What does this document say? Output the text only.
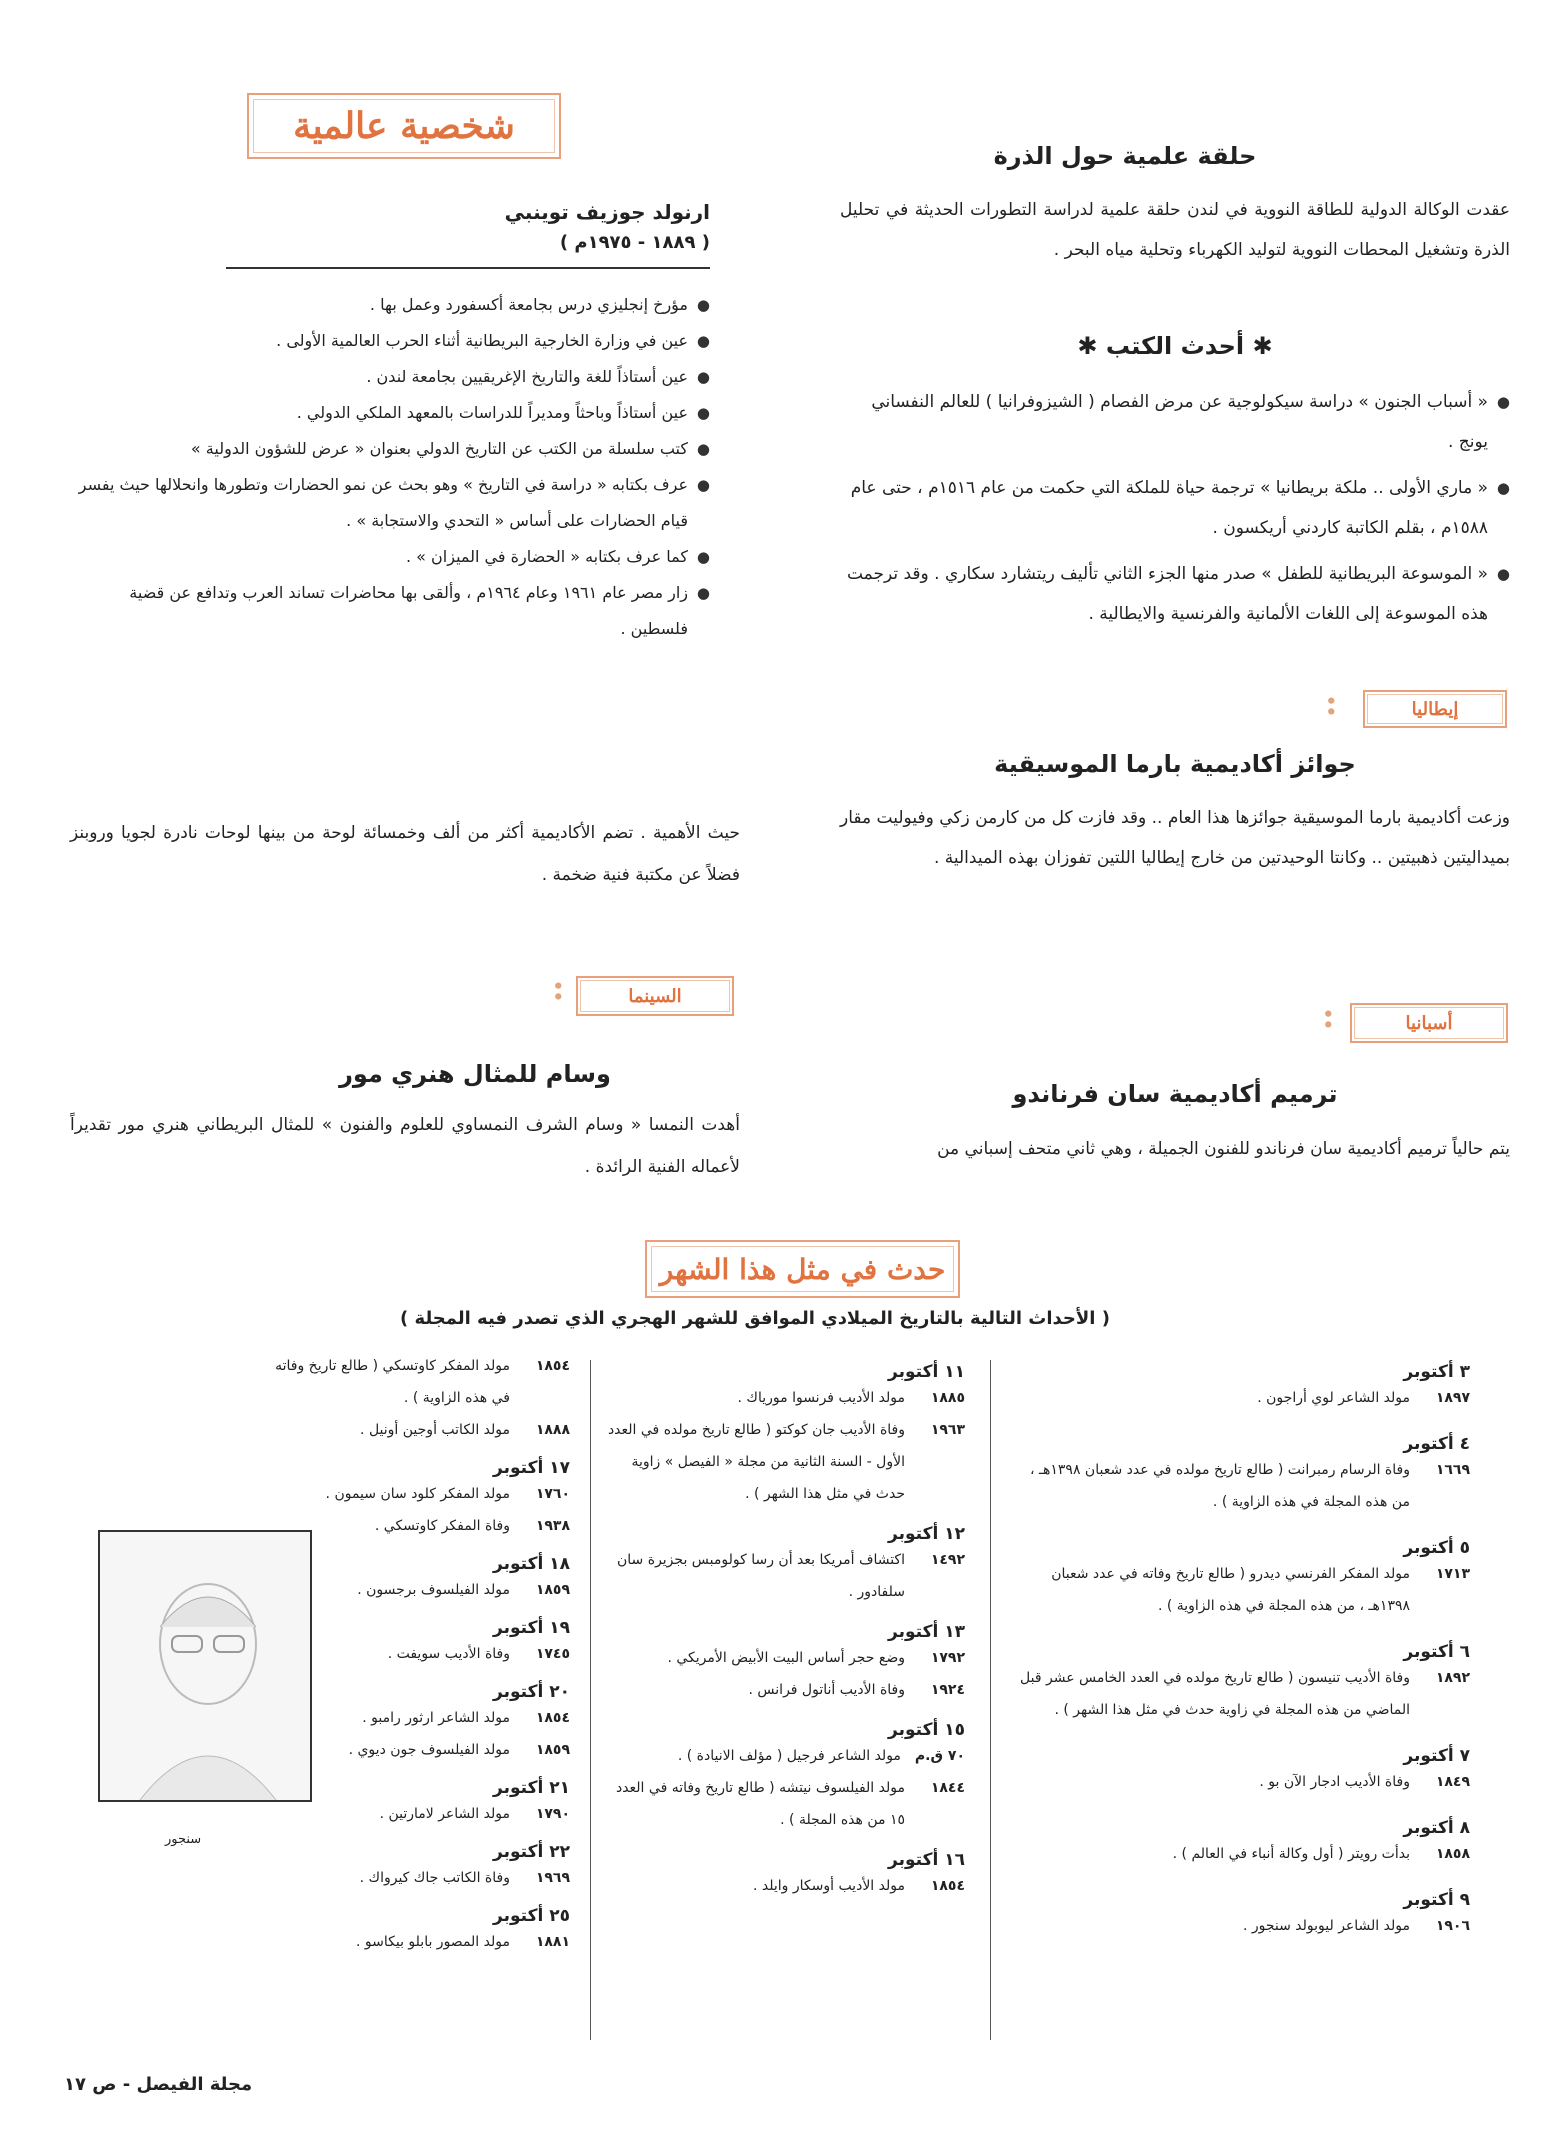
شخصية عالمية
ارنولد جوزيف توينبي
( ١٨٨٩ - ١٩٧٥م )
● مؤرخ إنجليزي درس بجامعة أكسفورد وعمل بها .
● عين في وزارة الخارجية البريطانية أثناء الحرب العالمية الأولى .
● عين أستاذاً للغة والتاريخ الإغريقيين بجامعة لندن .
● عين أستاذاً وباحثاً ومديراً للدراسات بالمعهد الملكي الدولي .
● كتب سلسلة من الكتب عن التاريخ الدولي بعنوان « عرض للشؤون الدولية »
● عرف بكتابه « دراسة في التاريخ » وهو بحث عن نمو الحضارات وتطورها وانحلالها حيث يفسر قيام الحضارات على أساس « التحدي والاستجابة » .
● كما عرف بكتابه « الحضارة في الميزان » .
● زار مصر عام ١٩٦١ وعام ١٩٦٤م ، وألقى بها محاضرات تساند العرب وتدافع عن قضية فلسطين .
حلقة علمية حول الذرة

عقدت الوكالة الدولية للطاقة النووية في لندن حلقة علمية لدراسة التطورات الحديثة في تحليل الذرة وتشغيل المحطات النووية لتوليد الكهرباء وتحلية مياه البحر .

✱ أحدث الكتب ✱
● « أسباب الجنون » دراسة سيكولوجية عن مرض الفصام ( الشيزوفرانيا ) للعالم النفساني يونج .
● « ماري الأولى .. ملكة بريطانيا » ترجمة حياة للملكة التي حكمت من عام ١٥١٦م ، حتى عام ١٥٨٨م ، بقلم الكاتبة كاردني أريكسون .
● « الموسوعة البريطانية للطفل » صدر منها الجزء الثاني تأليف ريتشارد سكاري . وقد ترجمت هذه الموسوعة إلى اللغات الألمانية والفرنسية والايطالية .
إيطاليا
:
جوائز أكاديمية بارما الموسيقية

وزعت أكاديمية بارما الموسيقية جوائزها هذا العام .. وقد فازت كل من كارمن زكي وفيوليت مقار بميداليتين ذهبيتين .. وكانتا الوحيدتين من خارج إيطاليا اللتين تفوزان بهذه الميدالية .

حيث الأهمية . تضم الأكاديمية أكثر من ألف وخمسائة لوحة من بينها لوحات نادرة لجويا وروبنز فضلاً عن مكتبة فنية ضخمة .

السينما
:
أسبانيا
:
وسام للمثال هنري مور

أهدت النمسا « وسام الشرف النمساوي للعلوم والفنون » للمثال البريطاني هنري مور تقديراً لأعماله الفنية الرائدة .

ترميم أكاديمية سان فرناندو

يتم حالياً ترميم أكاديمية سان فرناندو للفنون الجميلة ، وهي ثاني متحف إسباني من

حدث في مثل هذا الشهر
( الأحداث التالية بالتاريخ الميلادي الموافق للشهر الهجري الذي تصدر فيه المجلة )
٣ أكتوبر
١٨٩٧
مولد الشاعر لوي أراجون .
٤ أكتوبر
١٦٦٩
وفاة الرسام رمبرانت ( طالع تاريخ مولده في عدد شعبان ١٣٩٨هـ ، من هذه المجلة في هذه الزاوية ) .
٥ أكتوبر
١٧١٣
مولد المفكر الفرنسي ديدرو ( طالع تاريخ وفاته في عدد شعبان ١٣٩٨هـ ، من هذه المجلة في هذه الزاوية ) .
٦ أكتوبر
١٨٩٢
وفاة الأديب تنيسون ( طالع تاريخ مولده في العدد الخامس عشر قبل الماضي من هذه المجلة في زاوية حدث في مثل هذا الشهر ) .
٧ أكتوبر
١٨٤٩
وفاة الأديب ادجار الآن بو .
٨ أكتوبر
١٨٥٨
بدأت رويتر ( أول وكالة أنباء في العالم ) .
٩ أكتوبر
١٩٠٦
مولد الشاعر ليوبولد سنجور .
١١ أكتوبر
١٨٨٥
مولد الأديب فرنسوا مورياك .
١٩٦٣
وفاة الأديب جان كوكتو ( طالع تاريخ مولده في العدد الأول - السنة الثانية من مجلة « الفيصل » زاوية حدث في مثل هذا الشهر ) .
١٢ أكتوبر
١٤٩٢
اكتشاف أمريكا بعد أن رسا كولومبس بجزيرة سان سلفادور .
١٣ أكتوبر
١٧٩٢
وضع حجر أساس البيت الأبيض الأمريكي .
١٩٢٤
وفاة الأديب أناتول فرانس .
١٥ أكتوبر
٧٠ ق.م
مولد الشاعر فرجيل ( مؤلف الانيادة ) .
١٨٤٤
مولد الفيلسوف نيتشه ( طالع تاريخ وفاته في العدد ١٥ من هذه المجلة ) .
١٦ أكتوبر
١٨٥٤
مولد الأديب أوسكار وايلد .
١٨٥٤
مولد المفكر كاوتسكي ( طالع تاريخ وفاته في هذه الزاوية ) .
١٨٨٨
مولد الكاتب أوجين أونيل .
١٧ أكتوبر
١٧٦٠
مولد المفكر كلود سان سيمون .
١٩٣٨
وفاة المفكر كاوتسكي .
١٨ أكتوبر
١٨٥٩
مولد الفيلسوف برجسون .
١٩ أكتوبر
١٧٤٥
وفاة الأديب سويفت .
٢٠ أكتوبر
١٨٥٤
مولد الشاعر ارثور رامبو .
١٨٥٩
مولد الفيلسوف جون ديوي .
٢١ أكتوبر
١٧٩٠
مولد الشاعر لامارتين .
٢٢ أكتوبر
١٩٦٩
وفاة الكاتب جاك كيرواك .
٢٥ أكتوبر
١٨٨١
مولد المصور بابلو بيكاسو .
سنجور
مجلة الفيصل - ص ١٧
